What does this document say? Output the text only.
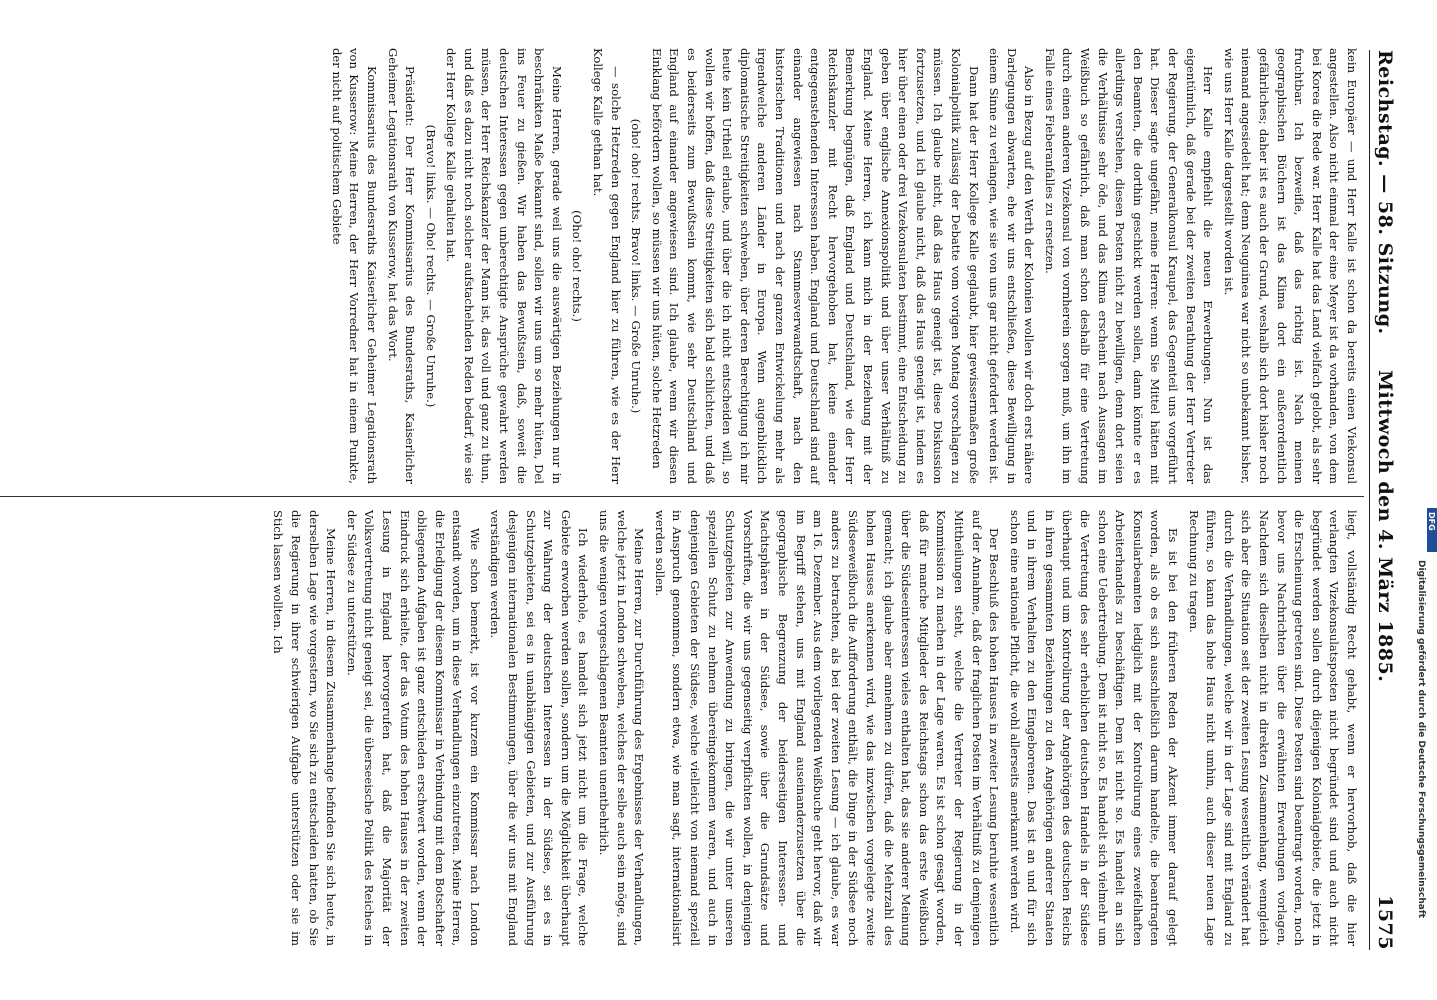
Reichstag. — 58. Sitzung.
Mittwoch den 4. März 1885.
1575

kein Europäer — und Herr Kalle ist schon da bereits einen Viekonsul angestellen. Also nicht einmal der eine Meyer ist da vorhanden, von dem bei Korea die Rede war. Herr Kalle hat das Land vielfach gelobt, als sehr fruchtbar. Ich bezweifle, daß das richtig ist. Nach meinen geographischen Büchern ist das Klima dort ein außerordentlich gefährliches; daher ist es auch der Grund, weshalb sich dort bisher noch niemand angesiedelt hat; denn Neuguinea war nicht so unbekannt bisher, wie uns Herr Kalle dargestellt worden ist.

Herr Kalle empfiehlt die neuen Erwerbungen. Nun ist das eigentümlich, daß gerade bei der zweiten Berathung der Herr Vertreter der Regierung, der Generalkonsul Kraupel, das Gegenteil uns vorgeführt hat. Dieser sagte ungefähr, meine Herren: wenn Sie Mittel hätten mit den Beamten, die dorthin geschickt werden sollen, dann könnte er es allerdings verstehen, diesen Posten nicht zu bewilligen, denn dort seien die Verhältnisse sehr öde, und das Klima erscheint nach Aussagen im Weißbuch so gefährlich, daß man schon deshalb für eine Vertretung durch einen anderen Vizekonsul von vornherein sorgen muß, um ihn im Falle eines Fieberanfalles zu ersetzen.

Also in Bezug auf den Werth der Kolonien wollen wir doch erst nähere Darlegungen abwarten, ehe wir uns entschließen, diese Bewilligung in einem Sinne zu verlangen, wie sie von uns gar nicht gefordert werden ist.

Dann hat der Herr Kollege Kalle geglaubt, hier gewissermaßen große Kolonialpolitik zulässig der Debatte vom vorigen Montag vorschlagen zu müssen. Ich glaube nicht, daß das Haus geneigt ist, diese Diskussion fortzusetzen, und ich glaube nicht, daß das Haus geneigt ist, indem es hier über einen oder drei Vizekonsulaten bestimmt, eine Entscheidung zu geben über englische Annexionspolitik und über unser Verhältniß zu England. Meine Herren, ich kann mich in der Beziehung mit der Bemerkung begnügen, daß England und Deutschland, wie der Herr Reichskanzler mit Recht hervorgehoben hat, keine einander entgegenstehenden Interessen haben. England und Deutschland sind auf einander angewiesen nach Stammesverwandtschaft, nach den historischen Traditionen und nach der ganzen Entwickelung mehr als irgendwelche anderen Länder in Europa. Wenn augenblicklich diplomatische Streitigkeiten schweben, über deren Berechtigung ich mir heute kein Urtheil erlaube, und über die ich nicht entscheiden will, so wollen wir hoffen, daß diese Streitigkeiten sich bald schlichten, und daß es beiderseits zum Bewußtsein kommt, wie sehr Deutschland und England auf einander angewiesen sind. Ich glaube, wenn wir diesen Einklang befördern wollen, so müssen wir uns hüten, solche Hetzreden

(oho! oho! rechts. Bravo! links. — Große Unruhe.)

— solche Hetzreden gegen England hier zu führen, wie es der Herr Kollege Kalle gethan hat.

(Oho! oho! rechts.)

Meine Herren, gerade weil uns die auswärtigen Beziehungen nur in beschränkten Maße bekannt sind, sollen wir uns um so mehr hüten, Del ins Feuer zu gießen. Wir haben das Bewußtsein, daß, soweit die deutschen Interessen gegen unberechtigte Ansprüche gewahrt werden müssen, der Herr Reichskanzler der Mann ist, das voll und ganz zu thun, und daß es dazu nicht noch solcher aufstachelnden Reden bedarf, wie sie der Herr Kollege Kalle gehalten hat.

(Bravo! links. — Oho! rechts. — Große Unruhe.)

Präsident: Der Herr Kommissarius des Bundesraths, Kaiserlicher Geheimer Legationsrath von Kusserow, hat das Wort.

Kommissarius des Bundesraths Kaiserlicher Geheimer Legationsrath von Kusserow: Meine Herren, der Herr Vorredner hat in einem Punkte, der nicht auf politischem Gebiete

liegt, vollständig Recht gehabt, wenn er hervorhob, daß die hier verlangten Vizekonsulatsposten nicht begründet sind und auch nicht begründet werden sollen durch diejenigen Kolonialgebiete, die jetzt in die Erscheinung getreten sind. Diese Posten sind beantragt worden, noch bevor uns Nachrichten über die erwähnten Erwerbungen vorlagen, Nachdem sich dieselben nicht in direkten Zusammenhang, wenngleich sich aber die Situation seit der zweiten Lesung wesentlich verändert hat durch die Verhandlungen, welche wir in der Lage sind mit England zu führen, so kann das hohe Haus nicht umhin, auch dieser neuen Lage Rechnung zu tragen.

Es ist bei den früheren Reden der Akzent immer darauf gelegt worden, als ob es sich ausschließlich darum handelte, die beantragten Konsularbeamten lediglich mit der Kontrolirung eines zweifelhaften Arbeiterhandels zu beschäftigen. Dem ist nicht so. Es handelt an sich schon eine Uebertreibung. Dem ist nicht so. Es handelt sich vielmehr um die Vertretung des sehr erheblichen deutschen Handels in der Südsee überhaupt und um Kontrolirung der Angehörigen des deutschen Reichs in ihren gesammten Beziehungen zu den Angehörigen anderer Staaten und in ihrem Verhalten zu den Eingeborenen. Das ist an und für sich schon eine nationale Pflicht, die wohl allerseits anerkannt werden wird.

Der Beschluß des hohen Hauses in zweiter Lesung beruhte wesentlich auf der Annahme, daß der fraglichen Posten im Verhältniß zu demjenigen Mittheilungen steht, welche die Vertreter der Regierung in der Kommission zu machen in der Lage waren. Es ist schon gesagt worden, daß für manche Mitglieder des Reichstags schon das erste Weißbuch über die Südseeinteressen vieles enthalten hat, das sie anderer Meinung gemacht; ich glaube aber annehmen zu dürfen, daß die Mehrzahl des hohen Hauses anerkennen wird, wie das inzwischen vorgelegte zweite Südseeweißbuch die Aufforderung enthält, die Dinge in der Südsee noch anders zu betrachten, als bei der zweiten Lesung — ich glaube, es war am 16. Dezember. Aus dem vorliegenden Weißbuche geht hervor, daß wir im Begriff stehen, uns mit England auseinanderzusetzen über die geographische Begrenzung der beiderseitigen Interessen- und Machtsphären in der Südsee, sowie über die Grundsätze und Vorschriften, die wir uns gegenseitig verpflichten wollen, in denjenigen Schutzgebieten zur Anwendung zu bringen, die wir unter unseren speziellen Schutz zu nehmen übereingekommen waren, und auch in denjenigen Gebieten der Südsee, welche vielleicht von niemand speziell in Anspruch genommen, sondern etwa, wie man sagt, internationalisirt werden sollen.

Meine Herren, zur Durchführung des Ergebnisses der Verhandlungen, welche jetzt in London schweben, welches der selbe auch sein möge, sind uns die wenigen vorgeschlagenen Beamten unentbehrlich.

Ich wiederhole, es handelt sich jetzt nicht um die Frage, welche Gebiete erworben werden sollen, sondern um die Möglichkeit überhaupt zur Wahrung der deutschen Interessen in der Südsee, sei es in Schutzgebieten, sei es in unabhängigen Gebieten, und zur Ausführung desjenigen internationalen Bestimmungen, über die wir uns mit England verständigen werden.

Wie schon bemerkt, ist vor kurzem ein Kommissar nach London entsandt worden, um in diese Verhandlungen einzutreten. Meine Herren, die Erledigung der diesem Kommissar in Verbindung mit dem Botschafter obliegenden Aufgaben ist ganz entschieden erschwert worden, wenn der Eindruck sich erhielte, der das Votum des hohen Hauses in der zweiten Lesung in England hervorgerufen hat, daß die Majorität der Volksvertretung nicht geneigt sei, die überseeische Politik des Reiches in der Südsee zu unterstützen.

Meine Herren, in diesem Zusammenhange befinden Sie sich heute, in derselben Lage wie vorgestern, wo Sie sich zu entscheiden hatten, ob Sie die Regierung in ihrer schwierigen Aufgabe unterstützen oder sie im Stich lassen wollten. Ich	Digitalisierung gefördert durch die Deutsche Forschungsgemeinschaft
DFG
